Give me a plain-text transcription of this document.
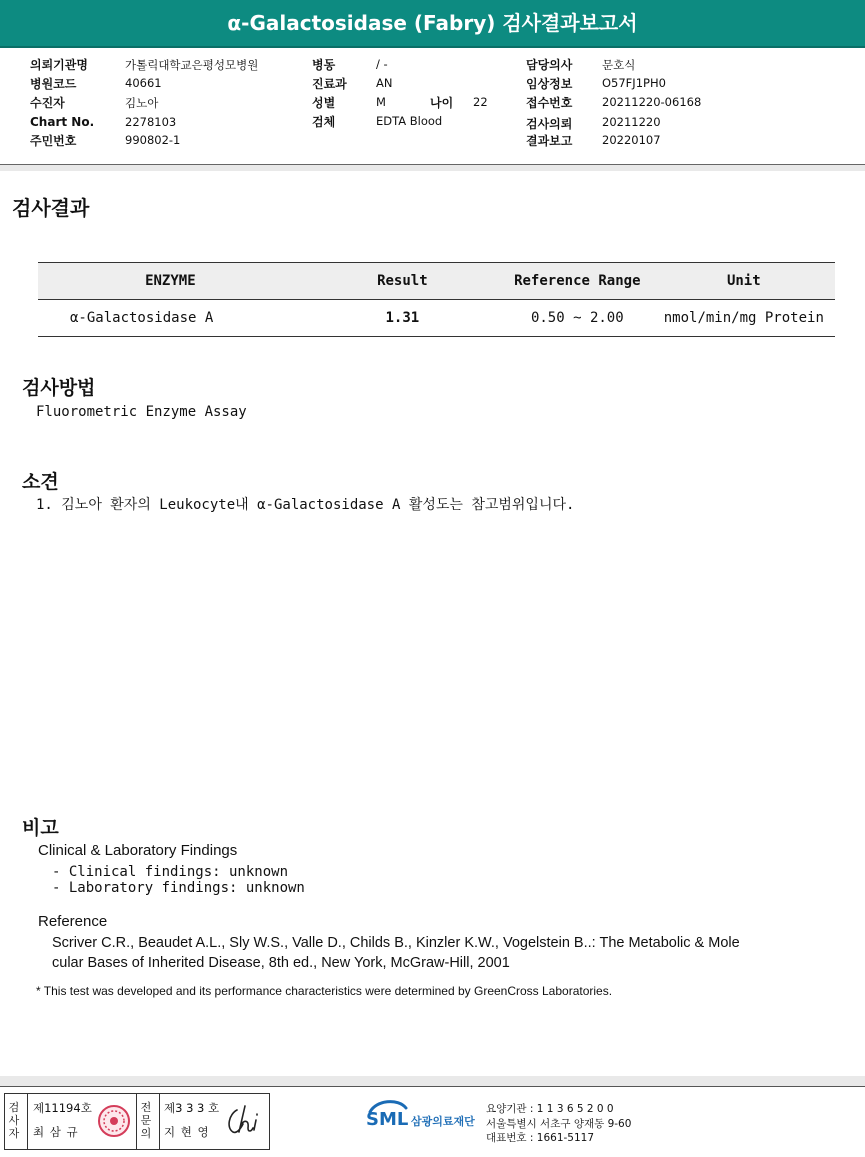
α-Galactosidase (Fabry) 검사결과보고서
의뢰기관명	가톨릭대학교은평성모병원
병원코드	40661
수진자	김노아
Chart No.	2278103
주민번호	990802-1
병동	/ -
진료과	AN
성별	M	나이 22
검체	EDTA Blood
담당의사	문호식
임상정보	O57FJ1PH0
접수번호	20211220-06168
검사의뢰	20211220
결과보고	20220107
검사결과
ENZYME	Result	Reference Range	Unit
α-Galactosidase A	1.31	0.50 ~ 2.00	nmol/min/mg Protein
검사방법
Fluorometric Enzyme Assay
소견
1. 김노아 환자의 Leukocyte내 α-Galactosidase A 활성도는 참고범위입니다.
비고
Clinical & Laboratory Findings
- Clinical findings: unknown
- Laboratory findings: unknown
Reference
Scriver C.R., Beaudet A.L., Sly W.S., Valle D., Childs B., Kinzler K.W., Vogelstein B..: The Metabolic & Mole
cular Bases of Inherited Disease, 8th ed., New York, McGraw-Hill, 2001
* This test was developed and its performance characteristics were determined by GreenCross Laboratories.
검사자
제11194호
최 삼 규
전문의
제3 3 3 호
지 현 영
SML 삼광의료재단
요양기관 : 1 1 3 6 5 2 0 0
서울특별시 서초구 양재동 9-60
대표번호 : 1661-5117
